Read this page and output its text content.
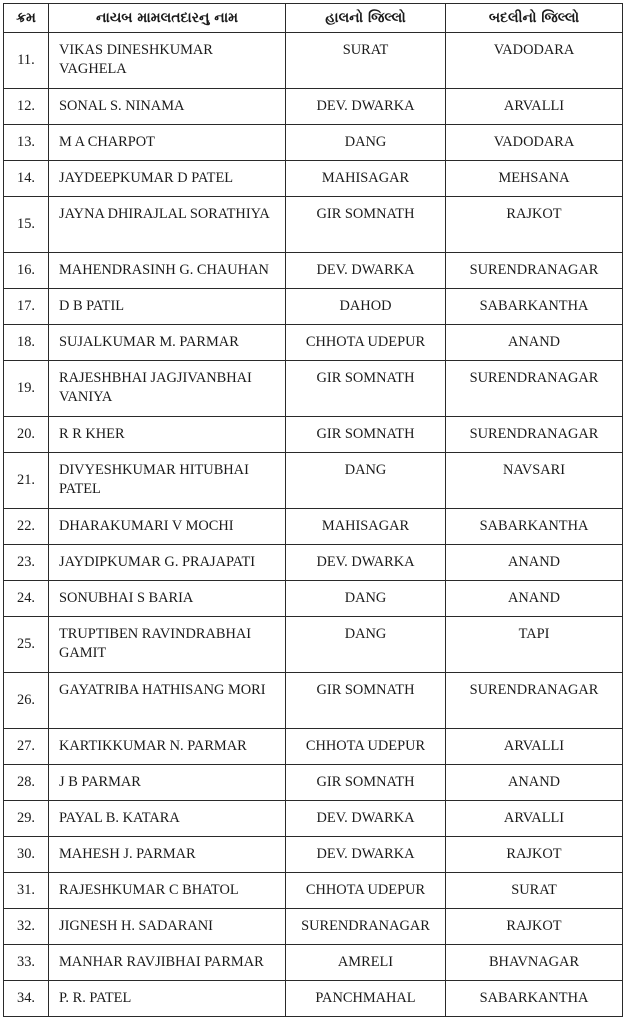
ક્રમ	નાયબ મામલતદારનુ નામ	હાલનો જિલ્લો	બદલીનો જિલ્લો
11.	VIKAS DINESHKUMAR VAGHELA	SURAT	VADODARA
12.	SONAL S. NINAMA	DEV. DWARKA	ARVALLI
13.	M A CHARPOT	DANG	VADODARA
14.	JAYDEEPKUMAR D PATEL	MAHISAGAR	MEHSANA
15.	JAYNA DHIRAJLAL SORATHIYA	GIR SOMNATH	RAJKOT
16.	MAHENDRASINH G. CHAUHAN	DEV. DWARKA	SURENDRANAGAR
17.	D B PATIL	DAHOD	SABARKANTHA
18.	SUJALKUMAR M. PARMAR	CHHOTA UDEPUR	ANAND
19.	RAJESHBHAI JAGJIVANBHAI VANIYA	GIR SOMNATH	SURENDRANAGAR
20.	R R KHER	GIR SOMNATH	SURENDRANAGAR
21.	DIVYESHKUMAR HITUBHAI PATEL	DANG	NAVSARI
22.	DHARAKUMARI V MOCHI	MAHISAGAR	SABARKANTHA
23.	JAYDIPKUMAR G. PRAJAPATI	DEV. DWARKA	ANAND
24.	SONUBHAI S BARIA	DANG	ANAND
25.	TRUPTIBEN RAVINDRABHAI GAMIT	DANG	TAPI
26.	GAYATRIBA HATHISANG MORI	GIR SOMNATH	SURENDRANAGAR
27.	KARTIKKUMAR N. PARMAR	CHHOTA UDEPUR	ARVALLI
28.	J B PARMAR	GIR SOMNATH	ANAND
29.	PAYAL B. KATARA	DEV. DWARKA	ARVALLI
30.	MAHESH J. PARMAR	DEV. DWARKA	RAJKOT
31.	RAJESHKUMAR C BHATOL	CHHOTA UDEPUR	SURAT
32.	JIGNESH H. SADARANI	SURENDRANAGAR	RAJKOT
33.	MANHAR RAVJIBHAI PARMAR	AMRELI	BHAVNAGAR
34.	P. R. PATEL	PANCHMAHAL	SABARKANTHA
